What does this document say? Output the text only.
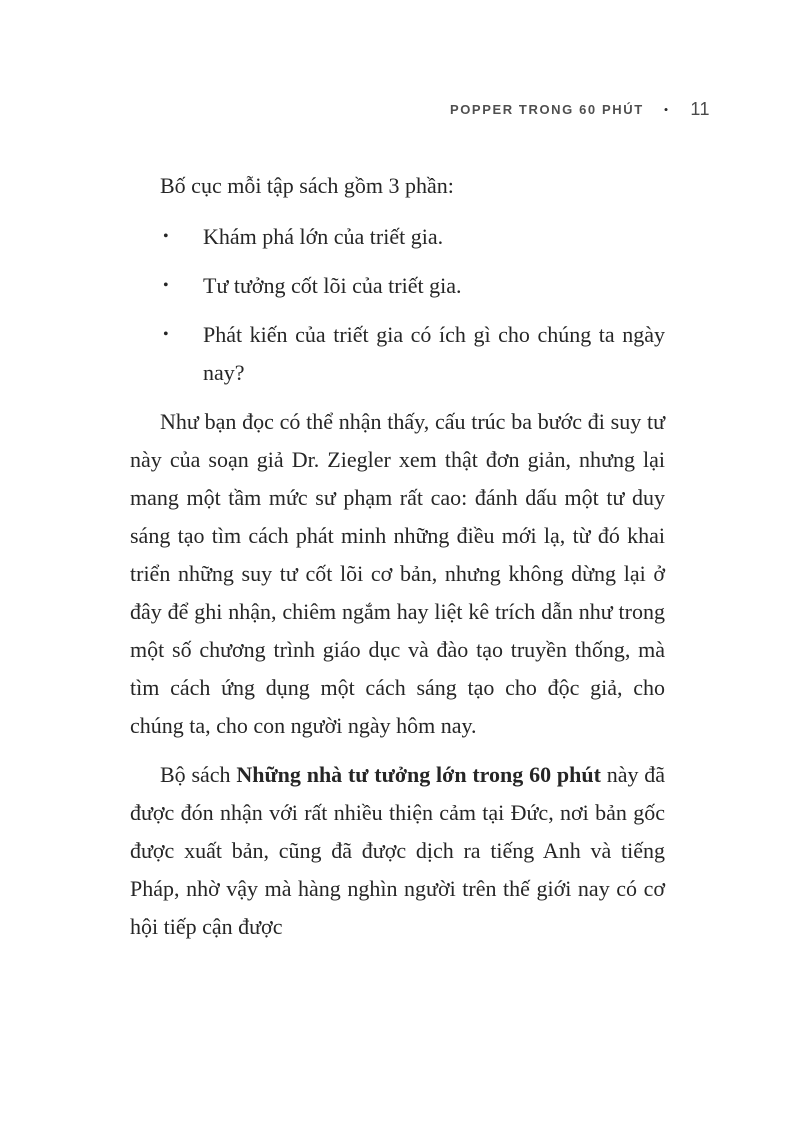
POPPER TRONG 60 PHÚT • 11
Bố cục mỗi tập sách gồm 3 phần:
• Khám phá lớn của triết gia.
• Tư tưởng cốt lõi của triết gia.
• Phát kiến của triết gia có ích gì cho chúng ta ngày nay?
Như bạn đọc có thể nhận thấy, cấu trúc ba bước đi suy tư này của soạn giả Dr. Ziegler xem thật đơn giản, nhưng lại mang một tầm mức sư phạm rất cao: đánh dấu một tư duy sáng tạo tìm cách phát minh những điều mới lạ, từ đó khai triển những suy tư cốt lõi cơ bản, nhưng không dừng lại ở đây để ghi nhận, chiêm ngắm hay liệt kê trích dẫn như trong một số chương trình giáo dục và đào tạo truyền thống, mà tìm cách ứng dụng một cách sáng tạo cho độc giả, cho chúng ta, cho con người ngày hôm nay.
Bộ sách Những nhà tư tưởng lớn trong 60 phút này đã được đón nhận với rất nhiều thiện cảm tại Đức, nơi bản gốc được xuất bản, cũng đã được dịch ra tiếng Anh và tiếng Pháp, nhờ vậy mà hàng nghìn người trên thế giới nay có cơ hội tiếp cận được
